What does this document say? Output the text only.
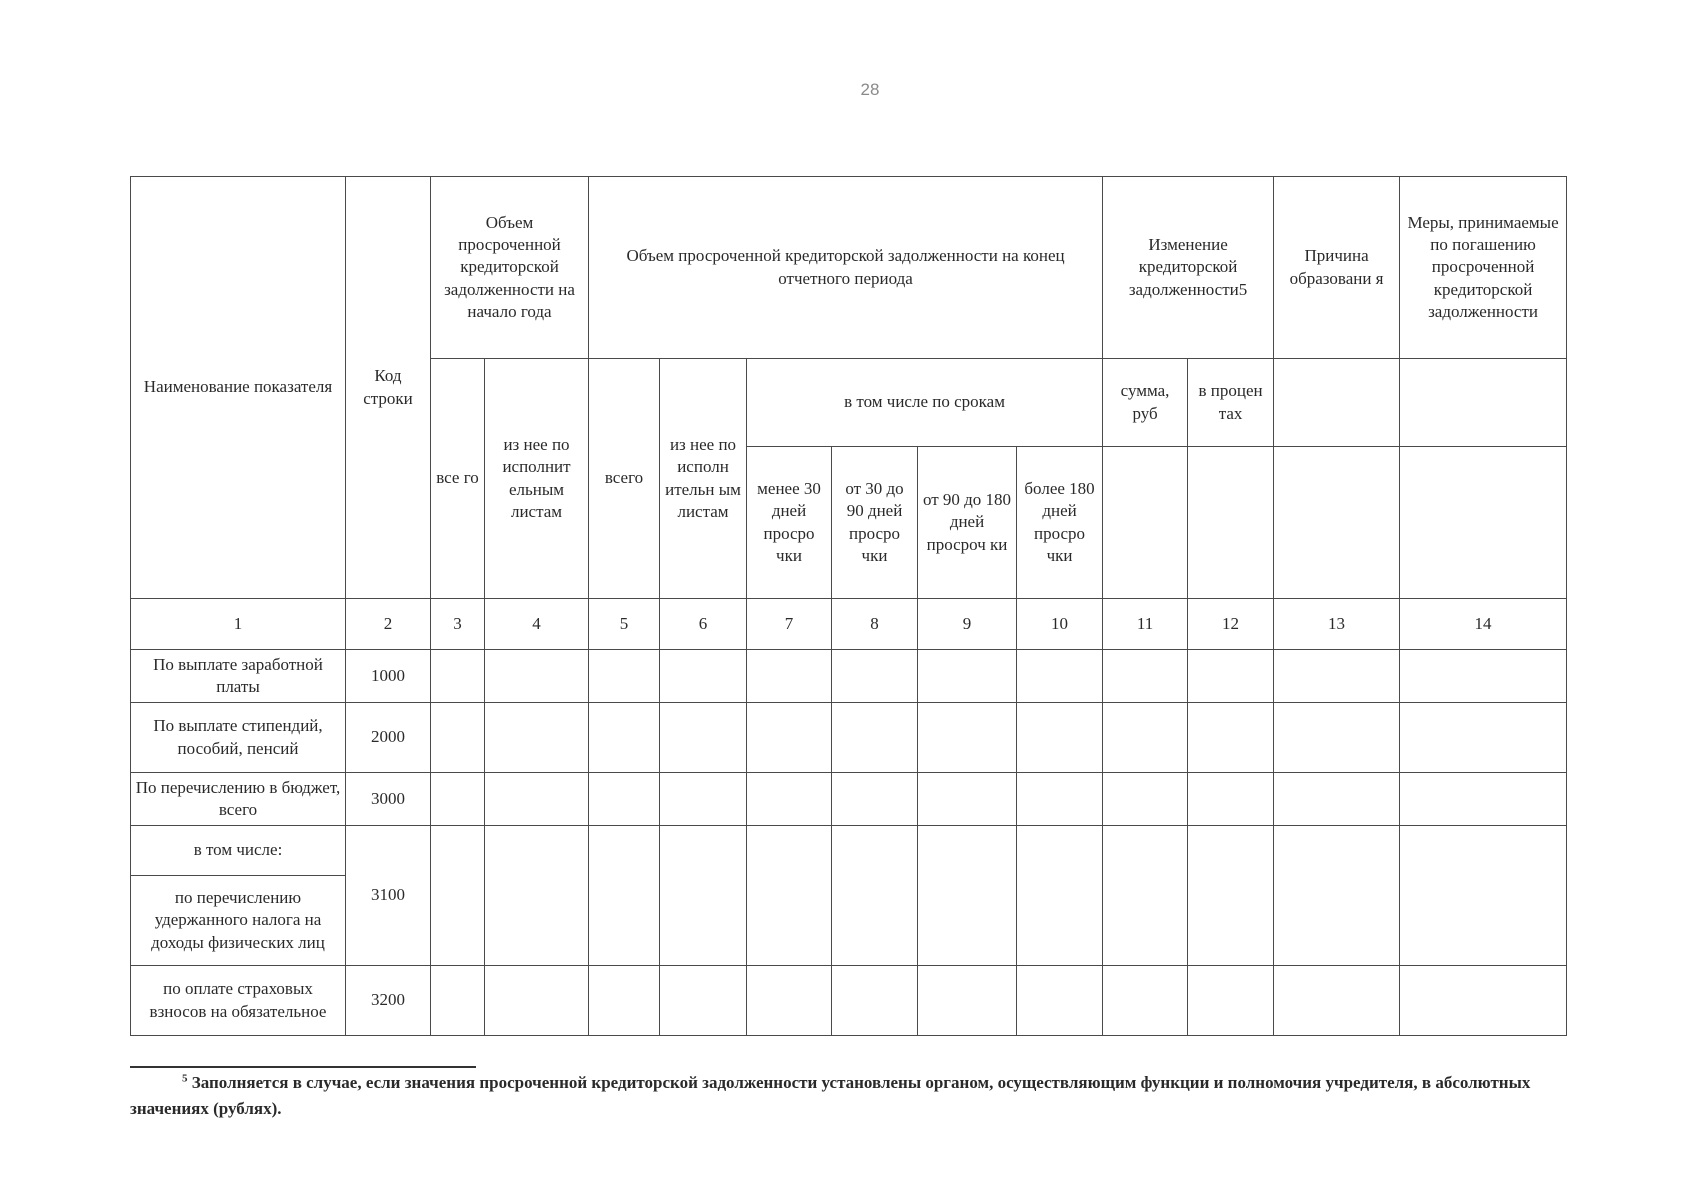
28
Наименование показателя	Код строки	Объем просроченной кредиторской задолженности на начало года		Объем просроченной кредиторской задолженности на конец отчетного периода						Изменение кредиторской задолженности5		Причина образовани я	Меры, принимаемые по погашению просроченной кредиторской задолженности
		все го	из нее по исполнит ельным листам	всего	из нее по исполн ительн ым листам	в том числе по срокам				сумма, руб	в процен тах		
						менее 30 дней просро чки	от 30 до 90 дней просро чки	от 90 до 180 дней просроч ки	более 180 дней просро чки				
1	2	3	4	5	6	7	8	9	10	11	12	13	14
По выплате заработной платы	1000												
По выплате стипендий, пособий, пенсий	2000												
По перечислению в бюджет, всего	3000												
в том числе:	3100												
по перечислению удержанного налога на доходы физических лиц													
по оплате страховых взносов на обязательное	3200												
$^5$ Заполняется в случае, если значения просроченной кредиторской задолженности установлены органом, осуществляющим функции и полномочия учредителя, в абсолютных значениях (рублях).
